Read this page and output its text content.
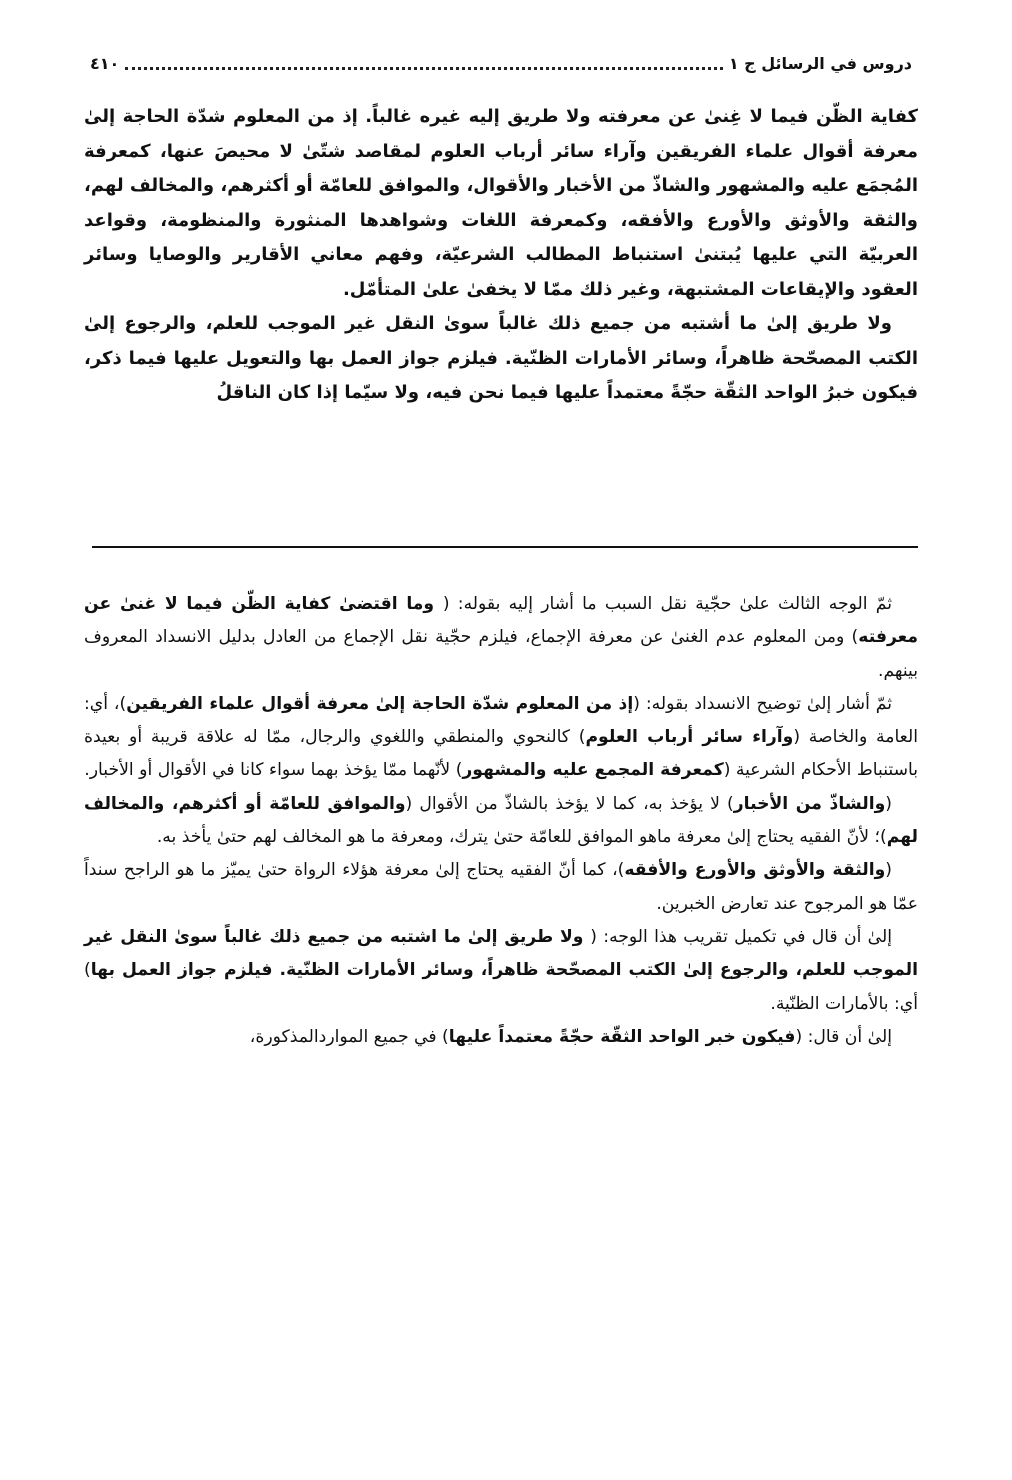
دروس في الرسائل ج ١
٤١٠

كفاية الظّن فيما لا غِنىٰ عن معرفته ولا طريق إليه غيره غالباً. إذ من المعلوم شدّة الحاجة إلىٰ معرفة أقوال علماء الفريقين وآراء سائر أرباب العلوم لمقاصد شتّىٰ لا محيصَ عنها، كمعرفة المُجمَع عليه والمشهور والشاذّ من الأخبار والأقوال، والموافق للعامّة أو أكثرهم، والمخالف لهم، والثقة والأوثق والأورع والأفقه، وكمعرفة اللغات وشواهدها المنثورة والمنظومة، وقواعد العربيّة التي عليها يُبتنىٰ استنباط المطالب الشرعيّة، وفهم معاني الأقارير والوصايا وسائر العقود والإيقاعات المشتبهة، وغير ذلك ممّا لا يخفىٰ علىٰ المتأمّل.

ولا طريق إلىٰ ما أشتبه من جميع ذلك غالباً سوىٰ النقل غير الموجب للعلم، والرجوع إلىٰ الكتب المصحّحة ظاهراً، وسائر الأمارات الظنّية. فيلزم جواز العمل بها والتعويل عليها فيما ذكر، فيكون خبرُ الواحد الثقّة حجّةً معتمداً عليها فيما نحن فيه، ولا سيّما إذا كان الناقلُ

ثمّ الوجه الثالث علىٰ حجّية نقل السبب ما أشار إليه بقوله: ( وما اقتضىٰ كفاية الظّن فيما لا غنىٰ عن معرفته) ومن المعلوم عدم الغنىٰ عن معرفة الإجماع، فيلزم حجّية نقل الإجماع من العادل بدليل الانسداد المعروف بينهم.

ثمّ أشار إلىٰ توضيح الانسداد بقوله: (إذ من المعلوم شدّة الحاجة إلىٰ معرفة أقوال علماء الفريقين)، أي: العامة والخاصة (وآراء سائر أرباب العلوم) كالنحوي والمنطقي واللغوي والرجال، ممّا له علاقة قريبة أو بعيدة باستنباط الأحكام الشرعية (كمعرفة المجمع عليه والمشهور) لأنّهما ممّا يؤخذ بهما سواء كانا في الأقوال أو الأخبار.

(والشاذّ من الأخبار) لا يؤخذ به، كما لا يؤخذ بالشاذّ من الأقوال (والموافق للعامّة أو أكثرهم، والمخالف لهم)؛ لأنّ الفقيه يحتاج إلىٰ معرفة ماهو الموافق للعامّة حتىٰ يترك، ومعرفة ما هو المخالف لهم حتىٰ يأخذ به.

(والثقة والأوثق والأورع والأفقه)، كما أنّ الفقيه يحتاج إلىٰ معرفة هؤلاء الرواة حتىٰ يميّز ما هو الراجح سنداً عمّا هو المرجوح عند تعارض الخبرين.

إلىٰ أن قال في تكميل تقريب هذا الوجه: ( ولا طريق إلىٰ ما اشتبه من جميع ذلك غالباً سوىٰ النقل غير الموجب للعلم، والرجوع إلىٰ الكتب المصحّحة ظاهراً، وسائر الأمارات الظنّية. فيلزم جواز العمل بها) أي: بالأمارات الظنّية.

إلىٰ أن قال: (فيكون خبر الواحد الثقّة حجّةً معتمداً عليها) في جميع المواردالمذكورة،
